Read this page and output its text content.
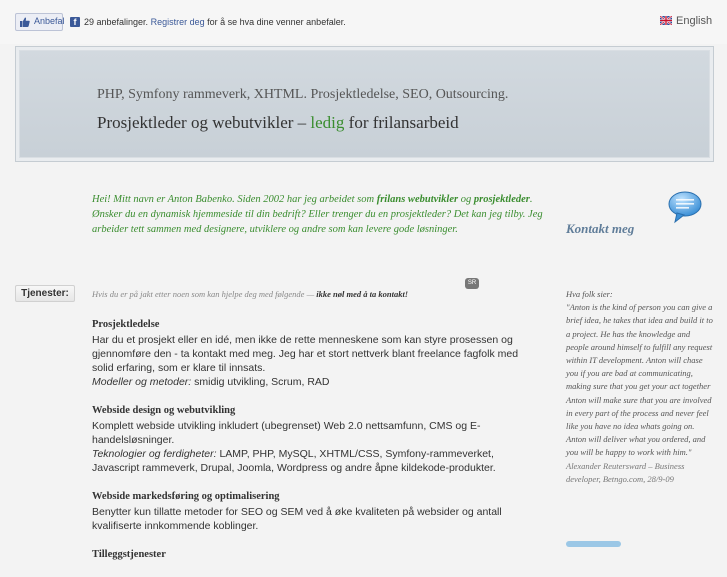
Anbefal f 29 anbefalinger. Registrer deg for å se hva dine venner anbefaler.	English
PHP, Symfony rammeverk, XHTML. Prosjektledelse, SEO, Outsourcing.
Prosjektleder og webutvikler – ledig for frilansarbeid
Hei! Mitt navn er Anton Babenko. Siden 2002 har jeg arbeidet som frilans webutvikler og prosjektleder. Ønsker du en dynamisk hjemmeside til din bedrift? Eller trenger du en prosjektleder? Det kan jeg tilby. Jeg arbeider tett sammen med designere, utviklere og andre som kan levere gode løsninger.	Kontakt meg
Tjenester:	Hvis du er på jakt etter noen som kan hjelpe deg med følgende — ikke nøl med å ta kontakt!
SR
Prosjektledelse

Har du et prosjekt eller en idé, men ikke de rette menneskene som kan styre prosessen og gjennomføre den - ta kontakt med meg. Jeg har et stort nettverk blant freelance fagfolk med solid erfaring, som er klare til innsats.

Modeller og metoder: smidig utvikling, Scrum, RAD

Webside design og webutvikling

Komplett webside utvikling inkludert (ubegrenset) Web 2.0 nettsamfunn, CMS og E-handelsløsninger.

Teknologier og ferdigheter: LAMP, PHP, MySQL, XHTML/CSS, Symfony-rammeverket, Javascript rammeverk, Drupal, Joomla, Wordpress og andre åpne kildekode-produkter.

Webside markedsføring og optimalisering

Benytter kun tillatte metoder for SEO og SEM ved å øke kvaliteten på websider og antall kvalifiserte innkommende koblinger.

Tilleggstjenester
Hva folk sier:
"Anton is the kind of person you can give a brief idea, he takes that idea and build it to a project. He has the knowledge and people around himself to fulfill any request within IT development. Anton will chase you if you are bad at communicating, making sure that you get your act together Anton will make sure that you are involved in every part of the process and never feel like you have no idea whats going on. Anton will deliver what you ordered, and you will be happy to work with him."
Alexander Reutersward – Business developer, Betngo.com, 28/9-09
